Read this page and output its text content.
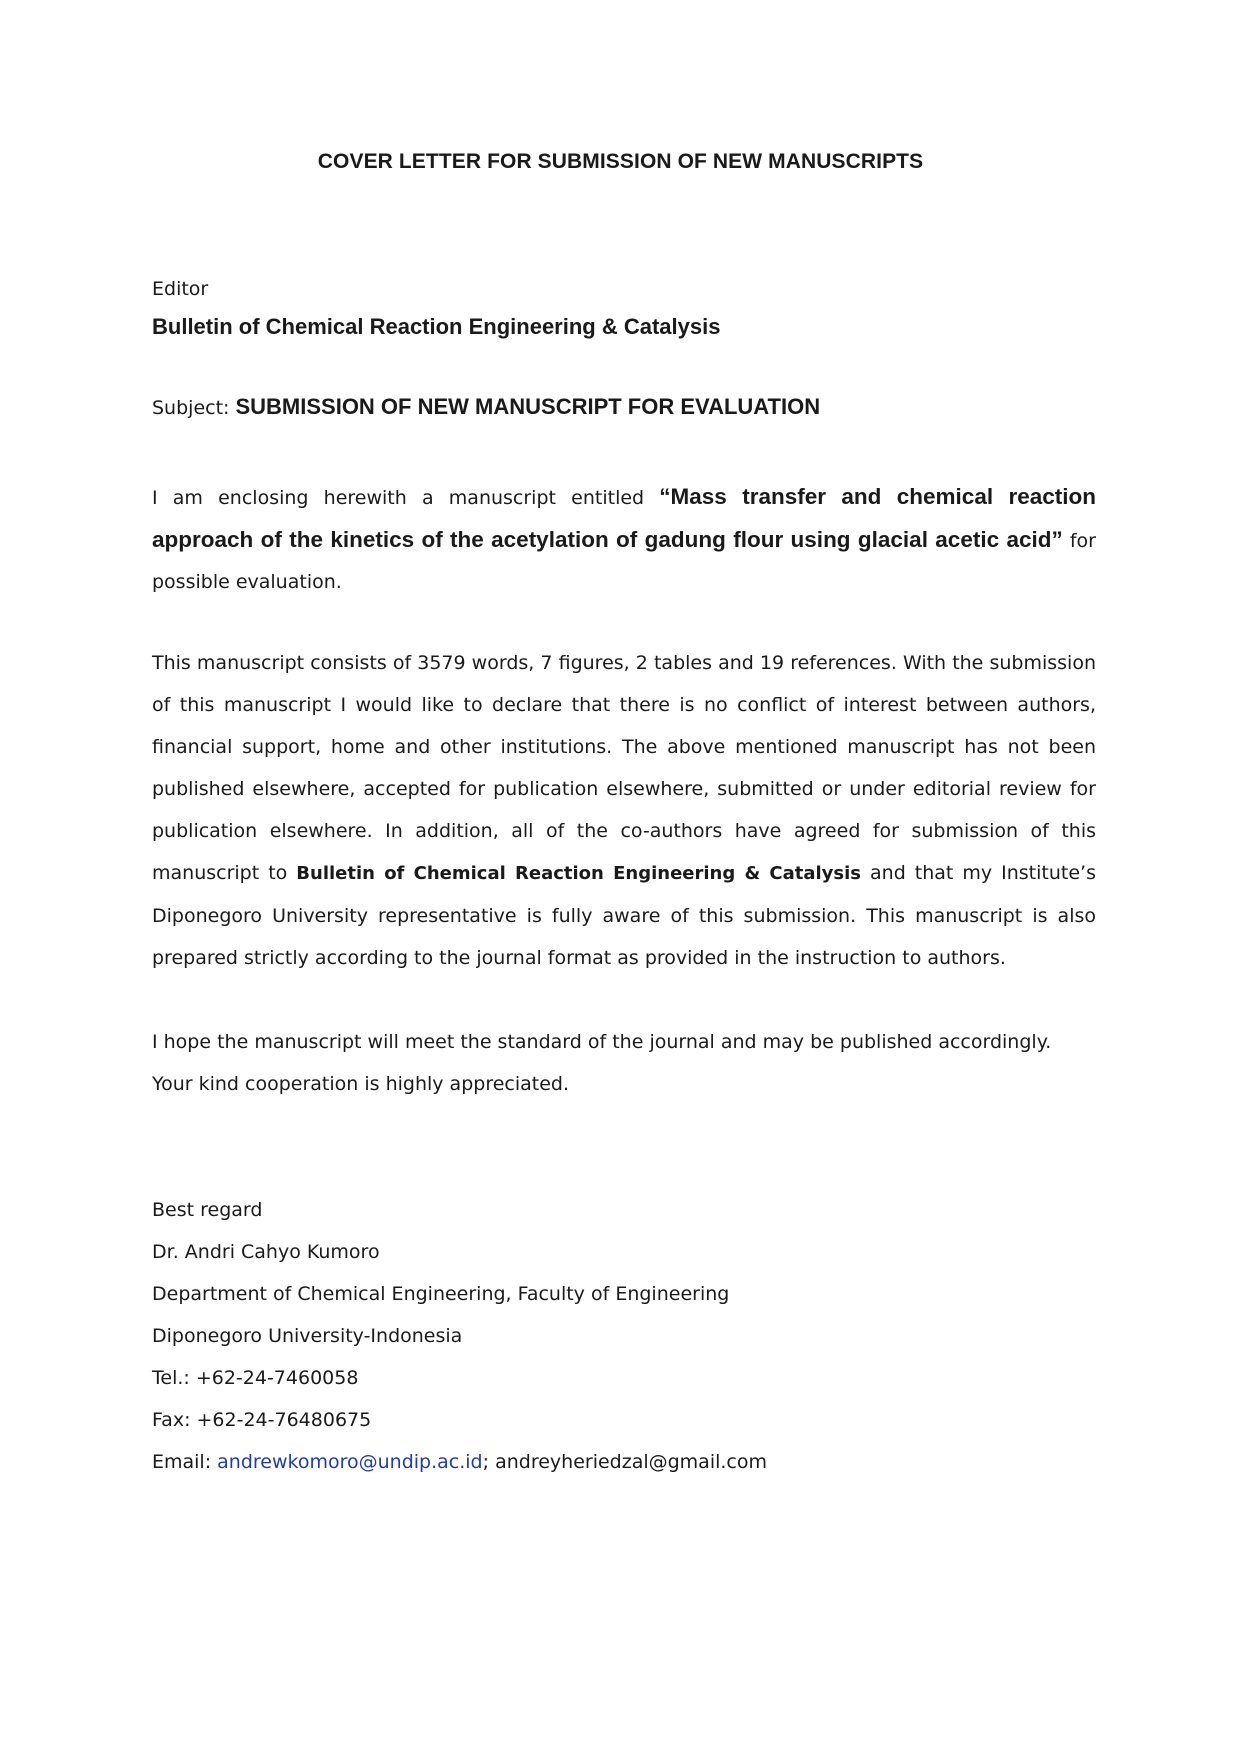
COVER LETTER FOR SUBMISSION OF NEW MANUSCRIPTS
Editor
Bulletin of Chemical Reaction Engineering & Catalysis
Subject: SUBMISSION OF NEW MANUSCRIPT FOR EVALUATION
I am enclosing herewith a manuscript entitled “Mass transfer and chemical reaction approach of the kinetics of the acetylation of gadung flour using glacial acetic acid” for possible evaluation.
This manuscript consists of 3579 words, 7 figures, 2 tables and 19 references. With the submission of this manuscript I would like to declare that there is no conflict of interest between authors, financial support, home and other institutions. The above mentioned manuscript has not been published elsewhere, accepted for publication elsewhere, submitted or under editorial review for publication elsewhere. In addition, all of the co-authors have agreed for submission of this manuscript to Bulletin of Chemical Reaction Engineering & Catalysis and that my Institute’s Diponegoro University representative is fully aware of this submission. This manuscript is also prepared strictly according to the journal format as provided in the instruction to authors.
I hope the manuscript will meet the standard of the journal and may be published accordingly. Your kind cooperation is highly appreciated.
Best regard
Dr. Andri Cahyo Kumoro
Department of Chemical Engineering, Faculty of Engineering
Diponegoro University-Indonesia
Tel.: +62-24-7460058
Fax: +62-24-76480675
Email: andrewkomoro@undip.ac.id; andreyheriedzal@gmail.com
